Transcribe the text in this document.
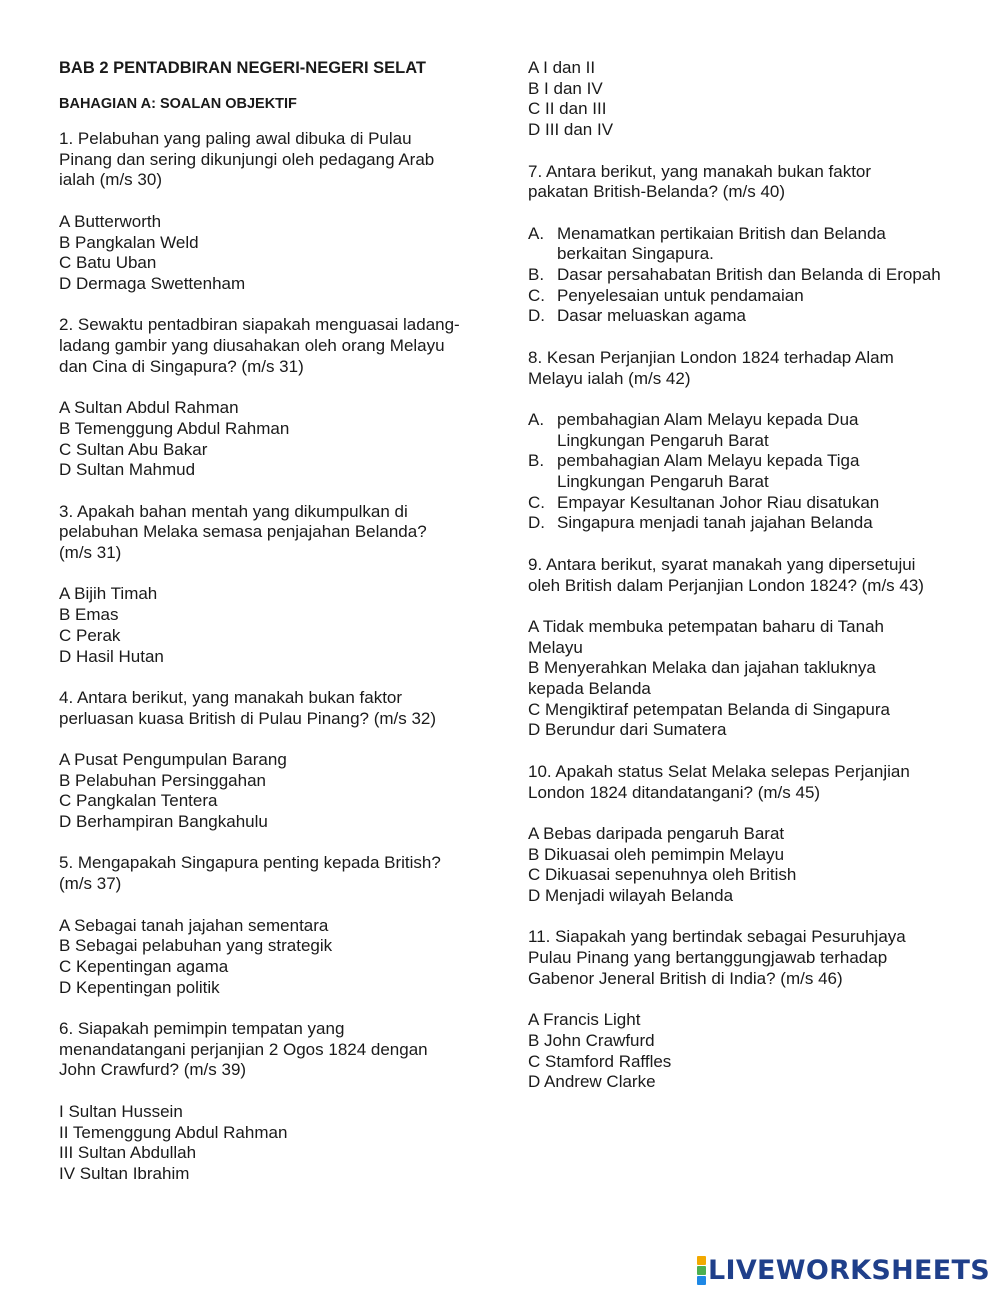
BAB 2 PENTADBIRAN NEGERI-NEGERI SELAT
BAHAGIAN A: SOALAN OBJEKTIF
1. Pelabuhan yang paling awal dibuka di Pulau Pinang dan sering dikunjungi oleh pedagang Arab ialah (m/s 30)
A Butterworth
B Pangkalan Weld
C Batu Uban
D Dermaga Swettenham
2. Sewaktu pentadbiran siapakah menguasai ladang-ladang gambir yang diusahakan oleh orang Melayu dan Cina di Singapura? (m/s 31)
A Sultan Abdul Rahman
B Temenggung Abdul Rahman
C Sultan Abu Bakar
D Sultan Mahmud
3. Apakah bahan mentah yang dikumpulkan di pelabuhan Melaka semasa penjajahan Belanda? (m/s 31)
A Bijih Timah
B Emas
C Perak
D Hasil Hutan
4. Antara berikut, yang manakah bukan faktor perluasan kuasa British di Pulau Pinang? (m/s 32)
A Pusat Pengumpulan Barang
B Pelabuhan Persinggahan
C Pangkalan Tentera
D Berhampiran Bangkahulu
5. Mengapakah Singapura penting kepada British? (m/s 37)
A Sebagai tanah jajahan sementara
B Sebagai pelabuhan yang strategik
C Kepentingan agama
D Kepentingan politik
6. Siapakah pemimpin tempatan yang menandatangani perjanjian 2 Ogos 1824 dengan John Crawfurd? (m/s 39)
I Sultan Hussein
II Temenggung Abdul Rahman
III Sultan Abdullah
IV Sultan Ibrahim
A I dan II
B I dan IV
C II dan III
D III dan IV
7. Antara berikut, yang manakah bukan faktor pakatan British-Belanda? (m/s 40)
A. Menamatkan pertikaian British dan Belanda berkaitan Singapura.
B. Dasar persahabatan British dan Belanda di Eropah
C. Penyelesaian untuk pendamaian
D. Dasar meluaskan agama
8. Kesan Perjanjian London 1824 terhadap Alam Melayu ialah (m/s 42)
A. pembahagian Alam Melayu kepada Dua Lingkungan Pengaruh Barat
B. pembahagian Alam Melayu kepada Tiga Lingkungan Pengaruh Barat
C. Empayar Kesultanan Johor Riau disatukan
D. Singapura menjadi tanah jajahan Belanda
9. Antara berikut, syarat manakah yang dipersetujui oleh British dalam Perjanjian London 1824? (m/s 43)
A Tidak membuka petempatan baharu di Tanah Melayu
B Menyerahkan Melaka dan jajahan takluknya kepada Belanda
C Mengiktiraf petempatan Belanda di Singapura
D Berundur dari Sumatera
10. Apakah status Selat Melaka selepas Perjanjian London 1824 ditandatangani? (m/s 45)
A Bebas daripada pengaruh Barat
B Dikuasai oleh pemimpin Melayu
C Dikuasai sepenuhnya oleh British
D Menjadi wilayah Belanda
11. Siapakah yang bertindak sebagai Pesuruhjaya Pulau Pinang yang bertanggungjawab terhadap Gabenor Jeneral British di India? (m/s 46)
A Francis Light
B John Crawfurd
C Stamford Raffles
D Andrew Clarke
LIVEWORKSHEETS
